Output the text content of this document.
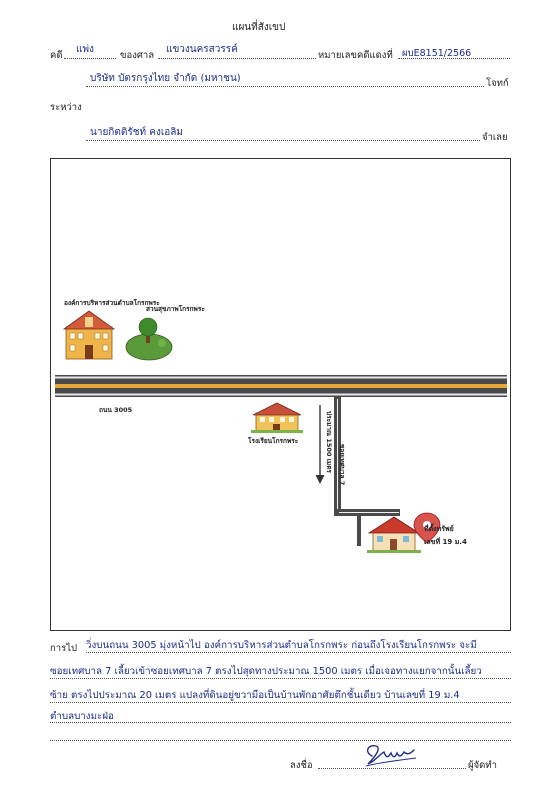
แผนที่สังเขป
คดี
แพ่ง
ของศาล
แขวงนครสวรรค์
หมายเลขคดีแดงที่ ผบE8151/2566
บริษัท บัตรกรุงไทย จำกัด (มหาชน)	โจทก์
ระหว่าง
นายกิตติรัชท์ คงเอลิม	จำเลย
องค์การบริหารส่วนตำบลโกรกพระ
สวนสุขภาพโกรกพระ
ถนน 3005
โรงเรียนโกรกพระ
ซอยเทศบาล 7
ประมาณ 1500 เมตร
ที่ตั้งทรัพย์
เลขที่ 19 ม.4
การไป วิ่งบนถนน 3005 มุ่งหน้าไป องค์การบริหารส่วนตำบลโกรกพระ ก่อนถึงโรงเรียนโกรกพระ จะมี
ซอยเทศบาล 7 เลี้ยวเข้าซอยเทศบาล 7 ตรงไปสุดทางประมาณ 1500 เมตร เมื่อเจอทางแยกจากนั้นเลี้ยว
ซ้าย ตรงไปประมาณ 20 เมตร แปลงที่ดินอยู่ขวามือเป็นบ้านพักอาศัยตึกชั้นเดียว บ้านเลขที่ 19 ม.4
ตำบลบางมะฝ่อ
ลงชื่อ	ผู้จัดทำ
